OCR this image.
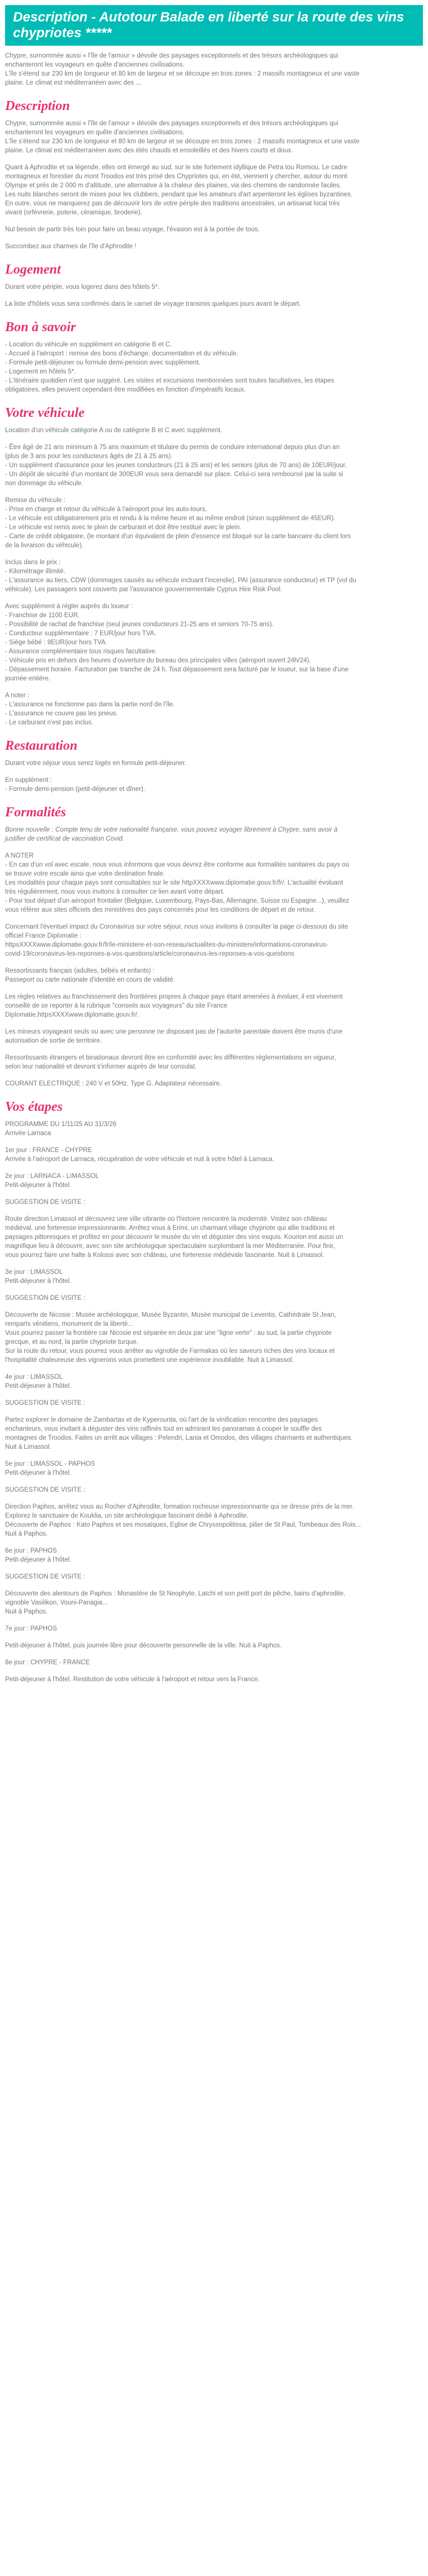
Description - Autotour Balade en liberté sur la route des vins chypriotes *****
Chypre, surnommée aussi « l'île de l'amour » dévoile des paysages exceptionnels et des trésors archéologiques qui
enchanteront les voyageurs en quête d'anciennes civilisations.
L'île s'étend sur 230 km de longueur et 80 km de largeur et se découpe en trois zones : 2 massifs montagneux et une vaste
plaine. Le climat est méditerranéen avec des ...
Description
Chypre, surnommée aussi « l'île de l'amour » dévoile des paysages exceptionnels et des trésors archéologiques qui
enchanteront les voyageurs en quête d'anciennes civilisations.
L'île s'étend sur 230 km de longueur et 80 km de largeur et se découpe en trois zones : 2 massifs montagneux et une vaste
plaine. Le climat est méditerranéen avec des étés chauds et ensoleillés et des hivers courts et doux.
Quant à Aphrodite et sa légende, elles ont émergé au sud, sur le site fortement idyllique de Petra tou Romiou. Le cadre
montagneux et forestier du mont Troodos est très prisé des Chypriotes qui, en été, viennent y chercher, autour du mont
Olympe et près de 2 000 m d'altitude, une alternative à la chaleur des plaines, via des chemins de randonnée faciles.
Les nuits blanches seront de mises pour les clubbers, pendant que les amateurs d'art arpenteront les églises byzantines.
En outre, vous ne manquerez pas de découvrir lors de votre périple des traditions ancestrales, un artisanat local très
vivant (orfèvrerie, poterie, céramique, broderie).
Nul besoin de partir très loin pour faire un beau voyage, l'évasion est à la portée de tous.
Succombez aux charmes de l'île d'Aphrodite !
Logement
Durant votre périple, vous logerez dans des hôtels 5*.
La liste d'hôtels vous sera confirmés dans le carnet de voyage transmis quelques jours avant le départ.
Bon à savoir
- Location du véhicule en supplément en catégorie B et C.
- Accueil à l'aéroport : remise des bons d'échange, documentation et du véhicule.
- Formule petit-déjeuner ou formule demi-pension avec supplément.
- Logement en hôtels 5*.
- L'itinéraire quotidien n'est que suggéré. Les visites et excursions mentionnées sont toutes facultatives, les étapes
obligatoires, elles peuvent cependant être modifiées en fonction d'impératifs locaux.
Votre véhicule
Location d'un véhicule catégorie A ou de catégorie B et C avec supplément.
- Être âgé de 21 ans minimum à 75 ans maximum et titulaire du permis de conduire international depuis plus d'un an
(plus de 3 ans pour les conducteurs âgés de 21 à 25 ans).
- Un supplément d'assurance pour les jeunes conducteurs (21 à 25 ans) et les seniors (plus de 70 ans) de 10EUR/jour.
- Un dépôt de sécurité d'un montant de 300EUR vous sera demandé sur place. Celui-ci sera remboursé par la suite si
non dommage du véhicule.
Remise du véhicule :
- Prise en charge et retour du véhicule à l'aéroport pour les auto-tours.
- Le véhicule est obligatoirement pris et rendu à la même heure et au même endroit (sinon supplément de 45EUR).
- Le véhicule est remis avec le plein de carburant et doit être restitué avec le plein.
- Carte de crédit obligatoire, (le montant d'un équivalent de plein d'essence est bloqué sur la carte bancaire du client lors
de la livraison du véhicule).
Inclus dans le prix :
- Kilométrage illimité.
- L'assurance au tiers, CDW (dommages causés au véhicule incluant l'incendie), PAI (assurance conducteur) et TP (vol du
véhicule). Les passagers sont couverts par l'assurance gouvernementale Cyprus Hire Risk Pool.
Avec supplément à régler auprès du loueur :
- Franchise de 1100 EUR.
- Possibilité de rachat de franchise (seul jeunes conducteurs 21-25 ans et seniors 70-75 ans).
- Conducteur supplémentaire : 7 EUR/jour hors TVA.
- Siège bébé : 9EUR/jour hors TVA.
- Assurance complémentaire tous risques facultative.
- Véhicule pris en dehors des heures d'ouverture du bureau des principales villes (aéroport ouvert 24h/24).
- Dépassement horaire. Facturation par tranche de 24 h. Tout dépassement sera facturé par le loueur, sur la base d'une
journée entière.
A noter :
- L'assurance ne fonctionne pas dans la partie nord de l'île.
- L'assurance ne couvre pas les pneus.
- Le carburant n'est pas inclus.
Restauration
Durant votre séjour vous serez logés en formule petit-déjeuner.
En supplément :
- Formule demi-pension (petit-déjeuner et dîner).
Formalités
Bonne nouvelle : Compte tenu de votre nationalité française, vous pouvez voyager librement à Chypre, sans avoir à
justifier de certificat de vaccination Covid.
A NOTER
- En cas d'un vol avec escale, nous vous informons que vous devrez être conforme aux formalités sanitaires du pays où
se trouve votre escale ainsi que votre destination finale.
Les modalités pour chaque pays sont consultables sur le site httpXXXXwww.diplomatie.gouv.fr/fr/. L'actualité évoluant
très régulièrement, nous vous invitons à consulter ce lien avant votre départ.
- Pour tout départ d'un aéroport frontalier (Belgique, Luxembourg, Pays-Bas, Allemagne, Suisse ou Espagne...), veuillez
vous référer aux sites officiels des ministères des pays concernés pour les conditions de départ et de retour.
Concernant l'éventuel impact du Coronavirus sur votre séjour, nous vous invitons à consulter la page ci-dessous du site
officiel France Diplomatie :
httpsXXXXwww.diplomatie.gouv.fr/fr/le-ministere-et-son-reseau/actualites-du-ministere/informations-coronavirus-
covid-19/coronavirus-les-reponses-a-vos-questions/article/coronavirus-les-reponses-a-vos-questions
Ressortissants français (adultes, bébés et enfants) :
Passeport ou carte nationale d'identité en cours de validité.
Les règles relatives au franchissement des frontières propres à chaque pays étant amenées à évoluer, il est vivement
conseillé de se reporter à la rubrique "conseils aux voyageurs" du site France
Diplomatie,httpsXXXXwww.diplomatie.gouv.fr/.
Les mineurs voyageant seuls ou avec une personne ne disposant pas de l'autorité parentale doivent être munis d'une
autorisation de sortie de territoire.
Ressortissants étrangers et binationaux devront être en conformité avec les différentes réglementations en vigueur,
selon leur nationalité et devront s'informer auprès de leur consulat.
COURANT ELECTRIQUE : 240 V et 50Hz. Type G. Adaptateur nécessaire.
Vos étapes
PROGRAMME DU 1/11/25 AU 31/3/26
Arrivée Larnaca
1er jour : FRANCE - CHYPRE
Arrivée à l'aéroport de Larnaca, récupération de votre véhicule et nuit à votre hôtel à Larnaca.
2e jour : LARNACA - LIMASSOL
Petit-déjeuner à l'hôtel.
SUGGESTION DE VISITE :
Route direction Limassol et découvrez une ville vibrante où l'histoire rencontre la modernité. Visitez son château
médiéval, une forteresse impressionnante. Arrêtez vous à Erimi, un charmant village chypriote qui allie traditions et
paysages pittoresques et profitez en pour découvrir le musée du vin et déguster des vins exquis. Kourion est aussi un
magnifique lieu à découvrir, avec son site archéologique spectaculaire surplombant la mer Méditerranée. Pour finir,
vous pourrez faire une halte à Kolossi avec son château, une forteresse médiévale fascinante. Nuit à Limassol.
3e jour : LIMASSOL
Petit-déjeuner à l'hôtel.
SUGGESTION DE VISITE :
Découverte de Nicosie : Musée archéologique, Musée Byzantin, Musée municipal de Leventis, Cathédrale St Jean,
remparts vénitiens, monument de la liberté...
Vous pourrez passer la frontière car Nicosie est séparée en deux par une "ligne verte" : au sud, la partie chypriote
grecque, et au nord, la partie chypriote turque.
Sur la route du retour, vous pourrez vous arrêter au vignoble de Farmakas où les saveurs riches des vins locaux et
l'hospitalité chaleureuse des vignerons vous promettent une expérience inoubliable. Nuit à Limassol.
4e jour : LIMASSOL
Petit-déjeuner à l'hôtel.
SUGGESTION DE VISITE :
Partez explorer le domaine de Zambartas et de Kyperounta, où l'art de la vinification rencontre des paysages
enchanteurs, vous invitant à déguster des vins raffinés tout en admirant les panoramas à couper le souffle des
montagnes de Troodos. Faites un arrêt aux villages : Pelendri, Lania et Omodos, des villages charmants et authentiques.
Nuit à Limassol.
5e jour : LIMASSOL - PAPHOS
Petit-déjeuner à l'hôtel.
SUGGESTION DE VISITE :
Direction Paphos, arrêtez vous au Rocher d'Aphrodite, formation rocheuse impressionnante qui se dresse près de la mer.
Explorez le sanctuaire de Kouklia, un site archéologique fascinant dédié à Aphrodite.
Découverte de Paphos : Kato Paphos et ses mosaïques, Eglise de Chryssopolitissa, pilier de St Paul, Tombeaux des Rois...
Nuit à Paphos.
6e jour : PAPHOS
Petit-déjeuner à l'hôtel.
SUGGESTION DE VISITE :
Découverte des alentours de Paphos : Monastère de St Neophyte, Latchi et son petit port de pêche, bains d'aphrodite,
vignoble Vasilikon, Vouni-Panagia...
Nuit à Paphos.
7e jour : PAPHOS
Petit-déjeuner à l'hôtel, puis journée libre pour découverte personnelle de la ville. Nuit à Paphos.
8e jour : CHYPRE - FRANCE
Petit-déjeuner à l'hôtel. Restitution de votre véhicule à l'aéroport et retour vers la France.
